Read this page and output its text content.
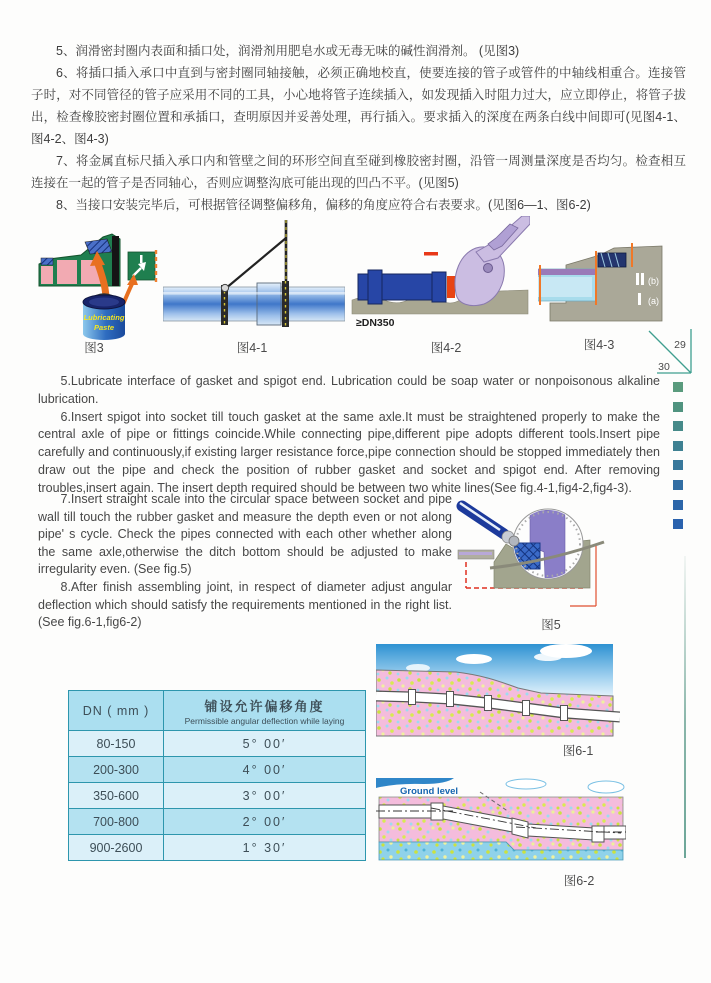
5、润滑密封圈内表面和插口处，润滑剂用肥皂水或无毒无味的碱性润滑剂。 (见图3)

6、将插口插入承口中直到与密封圈同轴接触，必须正确地校直，使要连接的管子或管件的中轴线相重合。连接管子时，对不同管径的管子应采用不同的工具，小心地将管子连续插入，如发现插入时阻力过大，应立即停止，将管子拔出，检查橡胶密封圈位置和承插口，查明原因并妥善处理，再行插入。要求插入的深度在两条白线中间即可(见图4-1、图4-2、图4-3)

7、将金属直标尺插入承口内和管壁之间的环形空间直至碰到橡胶密封圈，沿管一周测量深度是否均匀。检查相互连接在一起的管子是否同轴心，否则应调整沟底可能出现的凹凸不平。(见图5)

8、当接口安装完毕后，可根据管径调整偏移角，偏移的角度应符合右表要求。(见图6—1、图6-2)

Lubricating
Paste	≥DN350
(b)
(a)
图3	图4-1	图4-2	图4-3	29
30

5.Lubricate interface of gasket and spigot end. Lubrication could be soap water or nonpoisonous alkaline lubrication.

6.Insert spigot into socket till touch gasket at the same axle.It must be straightened properly to make the central axle of pipe or fittings coincide.While connecting pipe,different pipe adopts different tools.Insert pipe carefully and continuously,if existing larger resistance force,pipe connection should be stopped immediately then draw out the pipe and check the position of rubber gasket and socket and spigot end. After removing troubles,insert again. The insert depth required should be between two white lines(See fig.4-1,fig4-2,fig4-3).

7.Insert straight scale into the circular space between socket and pipe wall till touch the rubber gasket and measure the depth even or not along pipe' s cycle. Check the pipes connected with each other whether along the same axle,otherwise the ditch bottom should be adjusted to make irregularity even. (See fig.5)

8.After finish assembling joint, in respect of diameter adjust angular deflection which should satisfy the requirements mentioned in the right list.(See fig.6-1,fig6-2)	图5
DN ( mm )	铺设允许偏移角度
Permissible angular deflection while laying

80-150	5° 00′
200-300	4° 00′
350-600	3° 00′
700-800	2° 00′
900-2600	1° 30′
图6-1
Ground level
图6-2
